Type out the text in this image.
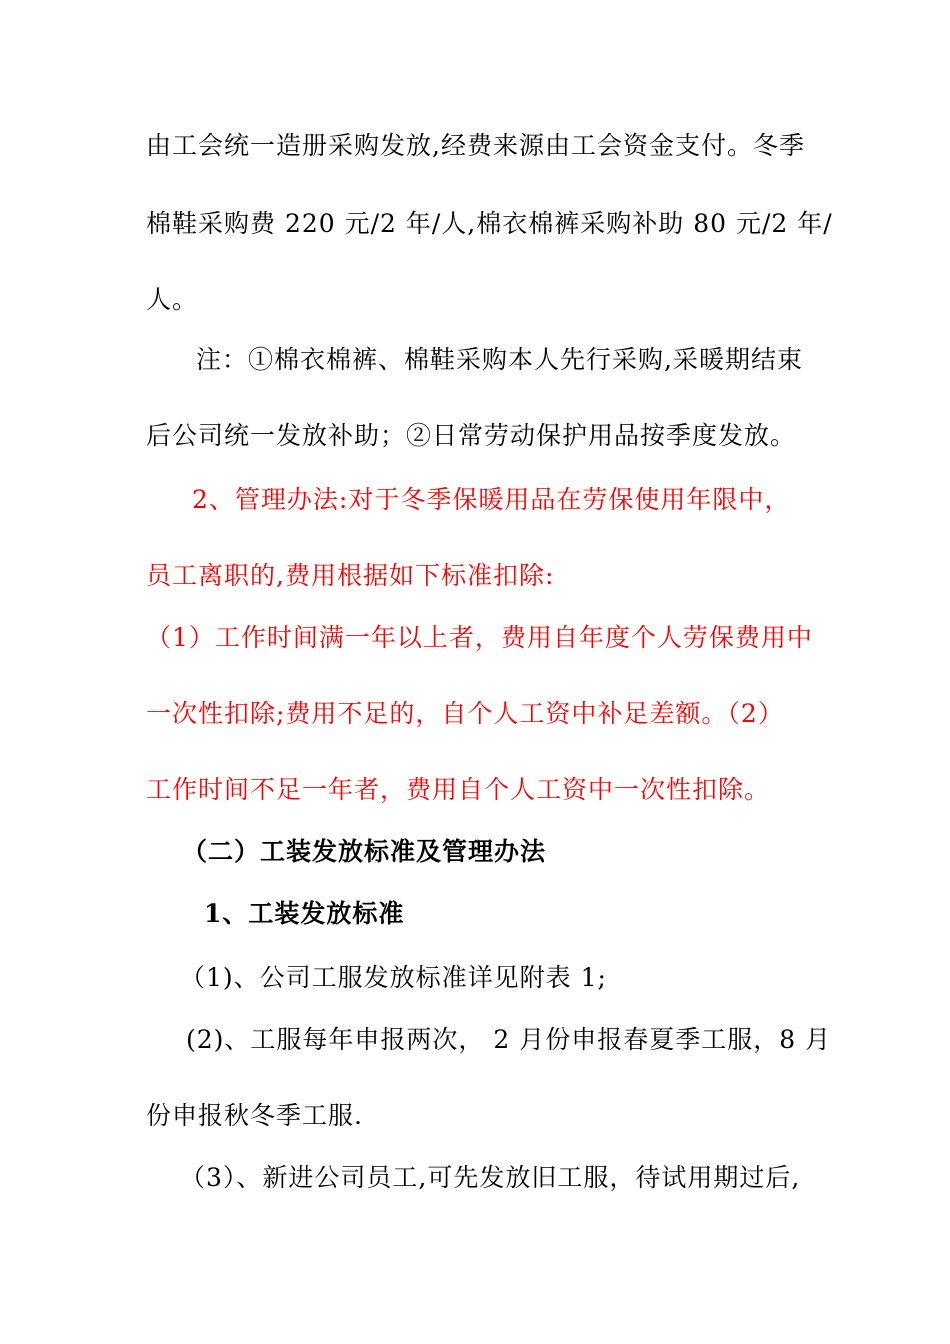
由工会统一造册采购发放,经费来源由工会资金支付。冬季
棉鞋采购费 220 元/2 年/人,棉衣棉裤采购补助 80 元/2 年/
人。
注：①棉衣棉裤、棉鞋采购本人先行采购,采暖期结束
后公司统一发放补助；②日常劳动保护用品按季度发放。
2、管理办法:对于冬季保暖用品在劳保使用年限中，
员工离职的,费用根据如下标准扣除:
（1）工作时间满一年以上者，费用自年度个人劳保费用中
一次性扣除;费用不足的，自个人工资中补足差额。（2）
工作时间不足一年者，费用自个人工资中一次性扣除。
（二）工装发放标准及管理办法
1、工装发放标准
（1)、公司工服发放标准详见附表 1;
(2)、工服每年申报两次， 2 月份申报春夏季工服，8 月
份申报秋冬季工服.
（3）、新进公司员工,可先发放旧工服，待试用期过后,
